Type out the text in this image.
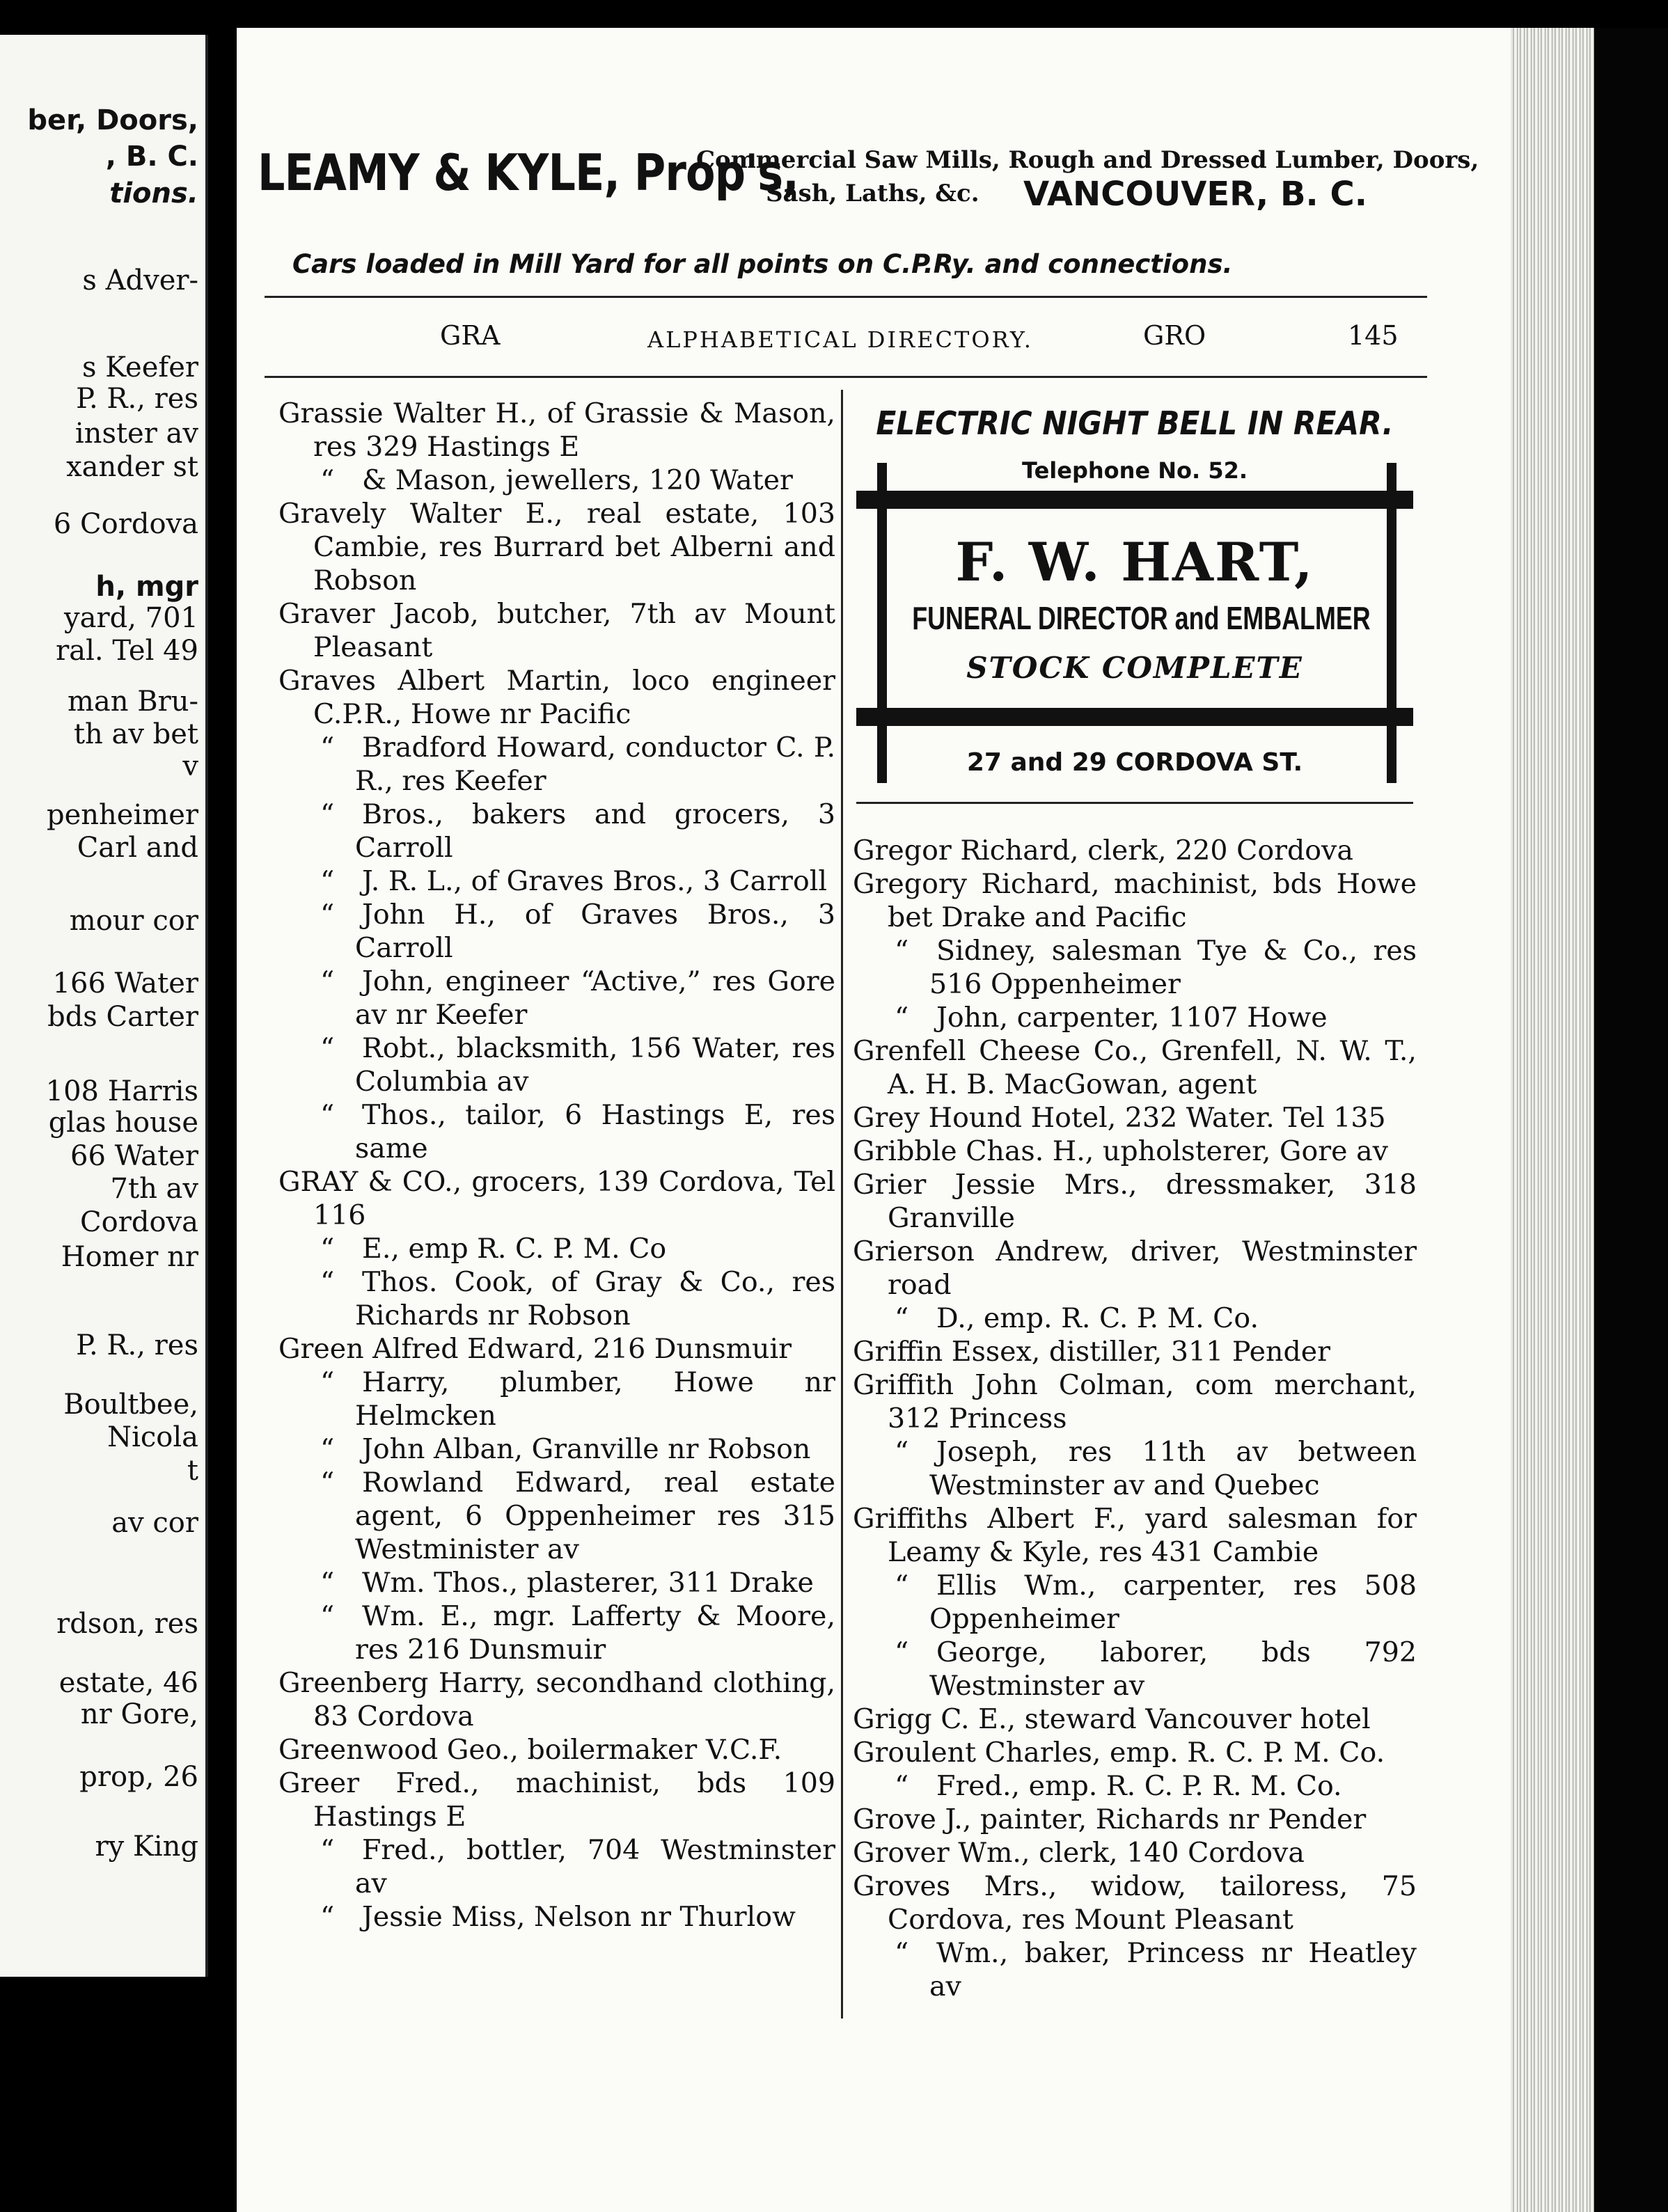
ber, Doors,
, B. C.
tions.
s Adver-
s Keefer
P. R., res
inster av
xander st
6 Cordova
h, mgr
yard, 701
ral. Tel 49
man Bru-
th av bet
v
penheimer
Carl and
mour cor
166 Water
bds Carter
108 Harris
glas house
66 Water
7th av
Cordova
Homer nr
P. R., res
Boultbee,
Nicola
t
av cor
rdson, res
estate, 46
nr Gore,
prop, 26
ry King
LEAMY & KYLE, Prop's,
Commercial Saw Mills, Rough and Dressed Lumber, Doors,
Sash, Laths, &c. VANCOUVER, B. C.
Cars loaded in Mill Yard for all points on C.P.Ry. and connections.
GRA	ALPHABETICAL DIRECTORY.	GRO	145

Grassie Walter H., of Grassie & Mason, res 329 Hastings E

“ & Mason, jewellers, 120 Water

Gravely Walter E., real estate, 103 Cambie, res Burrard bet Alberni and Robson

Graver Jacob, butcher, 7th av Mount Pleasant

Graves Albert Martin, loco engineer C.P.R., Howe nr Pacific

“ Bradford Howard, conductor C. P. R., res Keefer

“ Bros., bakers and grocers, 3 Carroll

“ J. R. L., of Graves Bros., 3 Carroll

“ John H., of Graves Bros., 3 Carroll

“ John, engineer “Active,” res Gore av nr Keefer

“ Robt., blacksmith, 156 Water, res Columbia av

“ Thos., tailor, 6 Hastings E, res same

GRAY & CO., grocers, 139 Cordova, Tel 116

“ E., emp R. C. P. M. Co

“ Thos. Cook, of Gray & Co., res Richards nr Robson

Green Alfred Edward, 216 Dunsmuir

“ Harry, plumber, Howe nr Helmcken

“ John Alban, Granville nr Robson

“ Rowland Edward, real estate agent, 6 Oppenheimer res 315 Westminister av

“ Wm. Thos., plasterer, 311 Drake

“ Wm. E., mgr. Lafferty & Moore, res 216 Dunsmuir

Greenberg Harry, secondhand clothing, 83 Cordova

Greenwood Geo., boilermaker V.C.F.

Greer Fred., machinist, bds 109 Hastings E

“ Fred., bottler, 704 Westminster av

“ Jessie Miss, Nelson nr Thurlow

ELECTRIC NIGHT BELL IN REAR.
Telephone No. 52.
F. W. HART,
FUNERAL DIRECTOR and EMBALMER
STOCK COMPLETE
27 and 29 CORDOVA ST.

Gregor Richard, clerk, 220 Cordova

Gregory Richard, machinist, bds Howe bet Drake and Pacific

“ Sidney, salesman Tye & Co., res 516 Oppenheimer

“ John, carpenter, 1107 Howe

Grenfell Cheese Co., Grenfell, N. W. T., A. H. B. MacGowan, agent

Grey Hound Hotel, 232 Water. Tel 135

Gribble Chas. H., upholsterer, Gore av

Grier Jessie Mrs., dressmaker, 318 Granville

Grierson Andrew, driver, Westminster road

“ D., emp. R. C. P. M. Co.

Griffin Essex, distiller, 311 Pender

Griffith John Colman, com merchant, 312 Princess

“ Joseph, res 11th av between Westminster av and Quebec

Griffiths Albert F., yard salesman for Leamy & Kyle, res 431 Cambie

“ Ellis Wm., carpenter, res 508 Oppenheimer

“ George, laborer, bds 792 Westminster av

Grigg C. E., steward Vancouver hotel

Groulent Charles, emp. R. C. P. M. Co.

“ Fred., emp. R. C. P. R. M. Co.

Grove J., painter, Richards nr Pender

Grover Wm., clerk, 140 Cordova

Groves Mrs., widow, tailoress, 75 Cordova, res Mount Pleasant

“ Wm., baker, Princess nr Heatley av
